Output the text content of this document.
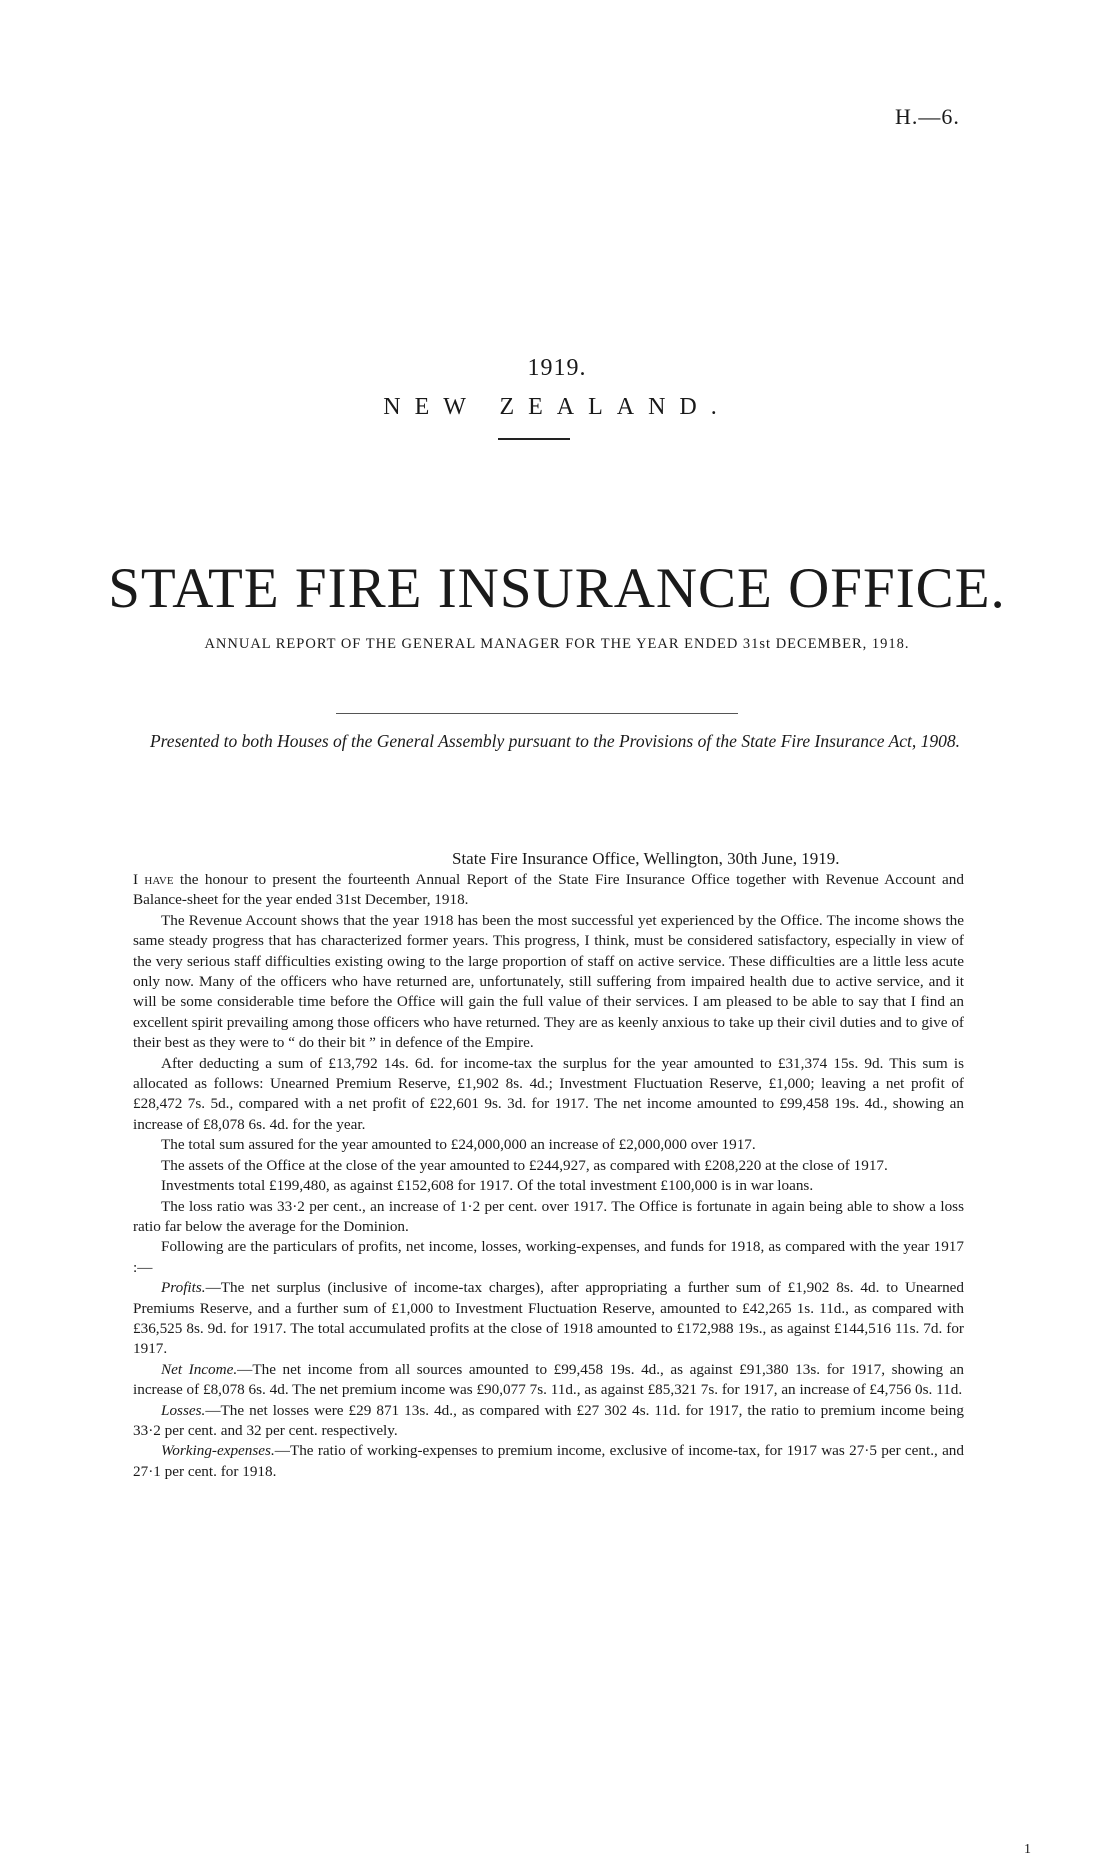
H.—6.
1919.
NEW ZEALAND.
STATE FIRE INSURANCE OFFICE.
ANNUAL REPORT OF THE GENERAL MANAGER FOR THE YEAR ENDED 31st DECEMBER, 1918.
Presented to both Houses of the General Assembly pursuant to the Provisions of the State Fire Insurance Act, 1908.
State Fire Insurance Office, Wellington, 30th June, 1919.

I have the honour to present the fourteenth Annual Report of the State Fire Insurance Office together with Revenue Account and Balance-sheet for the year ended 31st December, 1918.

The Revenue Account shows that the year 1918 has been the most successful yet experienced by the Office. The income shows the same steady progress that has characterized former years. This progress, I think, must be considered satisfactory, especially in view of the very serious staff difficulties existing owing to the large proportion of staff on active service. These difficulties are a little less acute only now. Many of the officers who have returned are, unfortunately, still suffering from impaired health due to active service, and it will be some considerable time before the Office will gain the full value of their services. I am pleased to be able to say that I find an excellent spirit prevailing among those officers who have returned. They are as keenly anxious to take up their civil duties and to give of their best as they were to “ do their bit ” in defence of the Empire.

After deducting a sum of £13,792 14s. 6d. for income-tax the surplus for the year amounted to £31,374 15s. 9d. This sum is allocated as follows: Unearned Premium Reserve, £1,902 8s. 4d.; Investment Fluctuation Reserve, £1,000; leaving a net profit of £28,472 7s. 5d., compared with a net profit of £22,601 9s. 3d. for 1917. The net income amounted to £99,458 19s. 4d., showing an increase of £8,078 6s. 4d. for the year.

The total sum assured for the year amounted to £24,000,000 an increase of £2,000,000 over 1917.

The assets of the Office at the close of the year amounted to £244,927, as compared with £208,220 at the close of 1917.

Investments total £199,480, as against £152,608 for 1917. Of the total investment £100,000 is in war loans.

The loss ratio was 33·2 per cent., an increase of 1·2 per cent. over 1917. The Office is fortunate in again being able to show a loss ratio far below the average for the Dominion.

Following are the particulars of profits, net income, losses, working-expenses, and funds for 1918, as compared with the year 1917 :—

Profits.—The net surplus (inclusive of income-tax charges), after appropriating a further sum of £1,902 8s. 4d. to Unearned Premiums Reserve, and a further sum of £1,000 to Investment Fluctuation Reserve, amounted to £42,265 1s. 11d., as compared with £36,525 8s. 9d. for 1917. The total accumulated profits at the close of 1918 amounted to £172,988 19s., as against £144,516 11s. 7d. for 1917.

Net Income.—The net income from all sources amounted to £99,458 19s. 4d., as against £91,380 13s. for 1917, showing an increase of £8,078 6s. 4d. The net premium income was £90,077 7s. 11d., as against £85,321 7s. for 1917, an increase of £4,756 0s. 11d.

Losses.—The net losses were £29 871 13s. 4d., as compared with £27 302 4s. 11d. for 1917, the ratio to premium income being 33·2 per cent. and 32 per cent. respectively.

Working-expenses.—The ratio of working-expenses to premium income, exclusive of income-tax, for 1917 was 27·5 per cent., and 27·1 per cent. for 1918.

1
